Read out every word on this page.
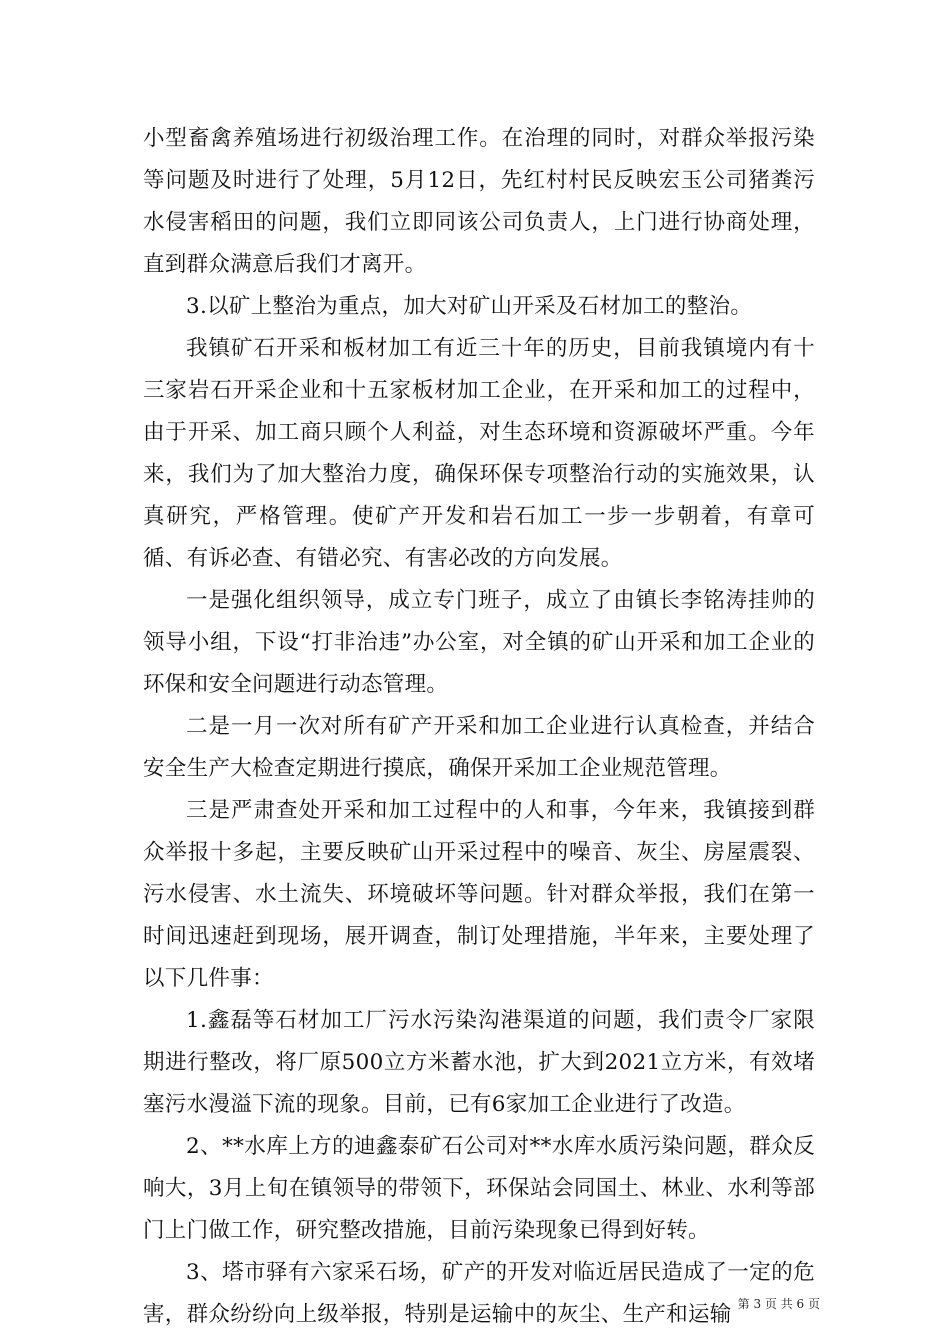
小型畜禽养殖场进行初级治理工作。在治理的同时，对群众举报污染等问题及时进行了处理，5月12日，先红村村民反映宏玉公司猪粪污水侵害稻田的问题，我们立即同该公司负责人，上门进行协商处理，直到群众满意后我们才离开。

3.以矿上整治为重点，加大对矿山开采及石材加工的整治。

我镇矿石开采和板材加工有近三十年的历史，目前我镇境内有十三家岩石开采企业和十五家板材加工企业，在开采和加工的过程中，由于开采、加工商只顾个人利益，对生态环境和资源破坏严重。今年来，我们为了加大整治力度，确保环保专项整治行动的实施效果，认真研究，严格管理。使矿产开发和岩石加工一步一步朝着，有章可循、有诉必查、有错必究、有害必改的方向发展。

一是强化组织领导，成立专门班子，成立了由镇长李铭涛挂帅的领导小组，下设“打非治违”办公室，对全镇的矿山开采和加工企业的环保和安全问题进行动态管理。

二是一月一次对所有矿产开采和加工企业进行认真检查，并结合安全生产大检查定期进行摸底，确保开采加工企业规范管理。

三是严肃查处开采和加工过程中的人和事，今年来，我镇接到群众举报十多起，主要反映矿山开采过程中的噪音、灰尘、房屋震裂、污水侵害、水土流失、环境破坏等问题。针对群众举报，我们在第一时间迅速赶到现场，展开调查，制订处理措施，半年来，主要处理了以下几件事：

1.鑫磊等石材加工厂污水污染沟港渠道的问题，我们责令厂家限期进行整改，将厂原500立方米蓄水池，扩大到2021立方米，有效堵塞污水漫溢下流的现象。目前，已有6家加工企业进行了改造。

2、**水库上方的迪鑫泰矿石公司对**水库水质污染问题，群众反响大，3月上旬在镇领导的带领下，环保站会同国土、林业、水利等部门上门做工作，研究整改措施，目前污染现象已得到好转。

3、塔市驿有六家采石场，矿产的开发对临近居民造成了一定的危害，群众纷纷向上级举报，特别是运输中的灰尘、生产和运输 第 3 页 共 6 页
